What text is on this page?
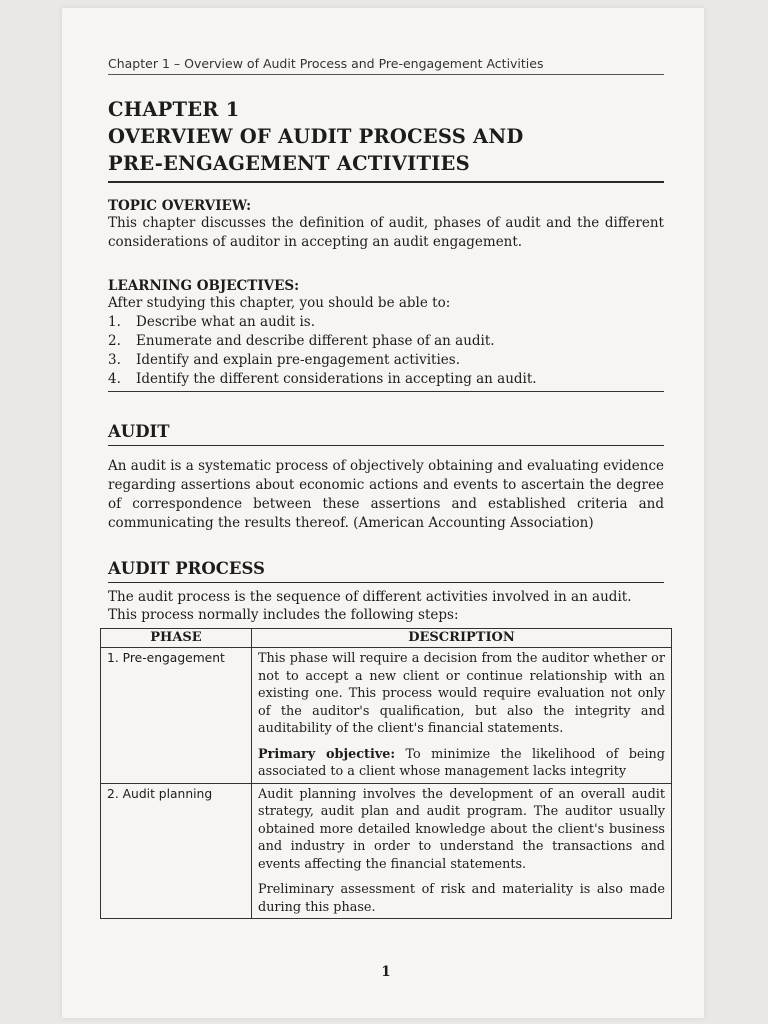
Chapter 1 – Overview of Audit Process and Pre-engagement Activities
CHAPTER 1
OVERVIEW OF AUDIT PROCESS AND
PRE-ENGAGEMENT ACTIVITIES
TOPIC OVERVIEW:
This chapter discusses the definition of audit, phases of audit and the different considerations of auditor in accepting an audit engagement.
LEARNING OBJECTIVES:
After studying this chapter, you should be able to:
1. Describe what an audit is.
2. Enumerate and describe different phase of an audit.
3. Identify and explain pre-engagement activities.
4. Identify the different considerations in accepting an audit.
AUDIT
An audit is a systematic process of objectively obtaining and evaluating evidence regarding assertions about economic actions and events to ascertain the degree of correspondence between these assertions and established criteria and communicating the results thereof. (American Accounting Association)
AUDIT PROCESS
The audit process is the sequence of different activities involved in an audit.
This process normally includes the following steps:
PHASE	DESCRIPTION
1. Pre-engagement	This phase will require a decision from the auditor whether or not to accept a new client or continue relationship with an existing one. This process would require evaluation not only of the auditor's qualification, but also the integrity and auditability of the client's financial statements.

Primary objective: To minimize the likelihood of being associated to a client whose management lacks integrity

2. Audit planning	Audit planning involves the development of an overall audit strategy, audit plan and audit program. The auditor usually obtained more detailed knowledge about the client's business and industry in order to understand the transactions and events affecting the financial statements.

Preliminary assessment of risk and materiality is also made during this phase.

1
